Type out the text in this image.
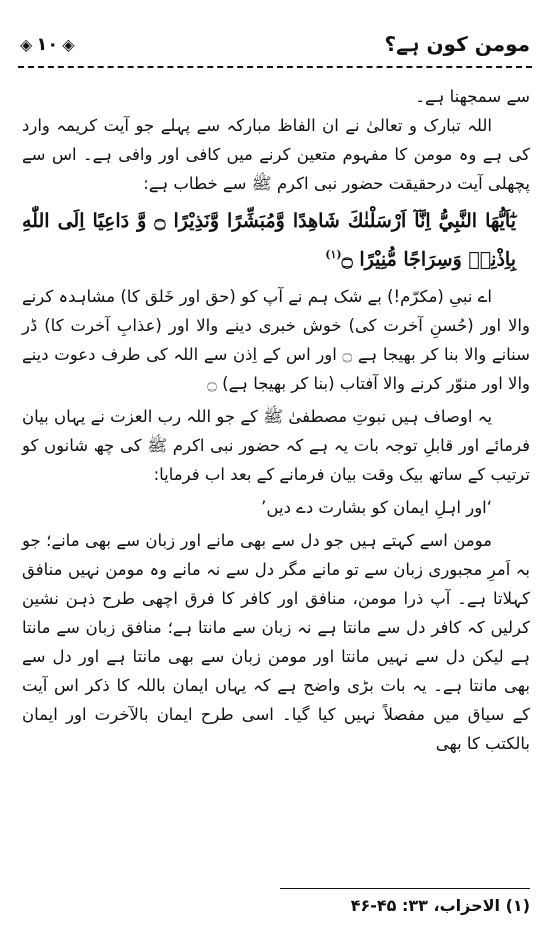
◈ ۱۰ ◈	مومن کون ہے؟

سے سمجھنا ہے۔

اللہ تبارک و تعالیٰ نے ان الفاظ مبارکہ سے پہلے جو آیت کریمہ وارد کی ہے وہ مومن کا مفہوم متعین کرنے میں کافی اور وافی ہے۔ اس سے پچھلی آیت درحقیقت حضور نبی اکرم ﷺ سے خطاب ہے:

يٰٓاَيُّهَا النَّبِيُّ اِنَّآ اَرْسَلْنٰكَ شَاهِدًا وَّمُبَشِّرًا وَّنَذِيْرًا ۝ وَّ دَاعِيًا اِلَى اللّٰهِ بِاِذْنِهٖ وَسِرَاجًا مُّنِيْرًا ۝$^{(۱)}$

اے نبیِ (مکرّم!) بے شک ہم نے آپ کو (حق اور خَلق کا) مشاہدہ کرنے والا اور (حُسنِ آخرت کی) خوش خبری دینے والا اور (عذابِ آخرت کا) ڈر سنانے والا بنا کر بھیجا ہے ۝ اور اس کے اِذن سے اللہ کی طرف دعوت دینے والا اور منوّر کرنے والا آفتاب (بنا کر بھیجا ہے) ۝

یہ اوصاف ہیں نبوتِ مصطفیٰ ﷺ کے جو اللہ رب العزت نے یہاں بیان فرمائے اور قابلِ توجہ بات یہ ہے کہ حضور نبی اکرم ﷺ کی چھ شانوں کو ترتیب کے ساتھ بیک وقت بیان فرمانے کے بعد اب فرمایا:

‘اور اہلِ ایمان کو بشارت دے دیں’

مومن اسے کہتے ہیں جو دل سے بھی مانے اور زبان سے بھی مانے؛ جو بہ اَمرِ مجبوری زبان سے تو مانے مگر دل سے نہ مانے وہ مومن نہیں منافق کہلاتا ہے۔ آپ ذرا مومن، منافق اور کافر کا فرق اچھی طرح ذہن نشین کرلیں کہ کافر دل سے مانتا ہے نہ زبان سے مانتا ہے؛ منافق زبان سے مانتا ہے لیکن دل سے نہیں مانتا اور مومن زبان سے بھی مانتا ہے اور دل سے بھی مانتا ہے۔ یہ بات بڑی واضح ہے کہ یہاں ایمان باللہ کا ذکر اس آیت کے سیاق میں مفصلاً نہیں کیا گیا۔ اسی طرح ایمان بالآخرت اور ایمان بالکتب کا بھی

(۱) الاحزاب، ۳۳: ۴۵-۴۶
